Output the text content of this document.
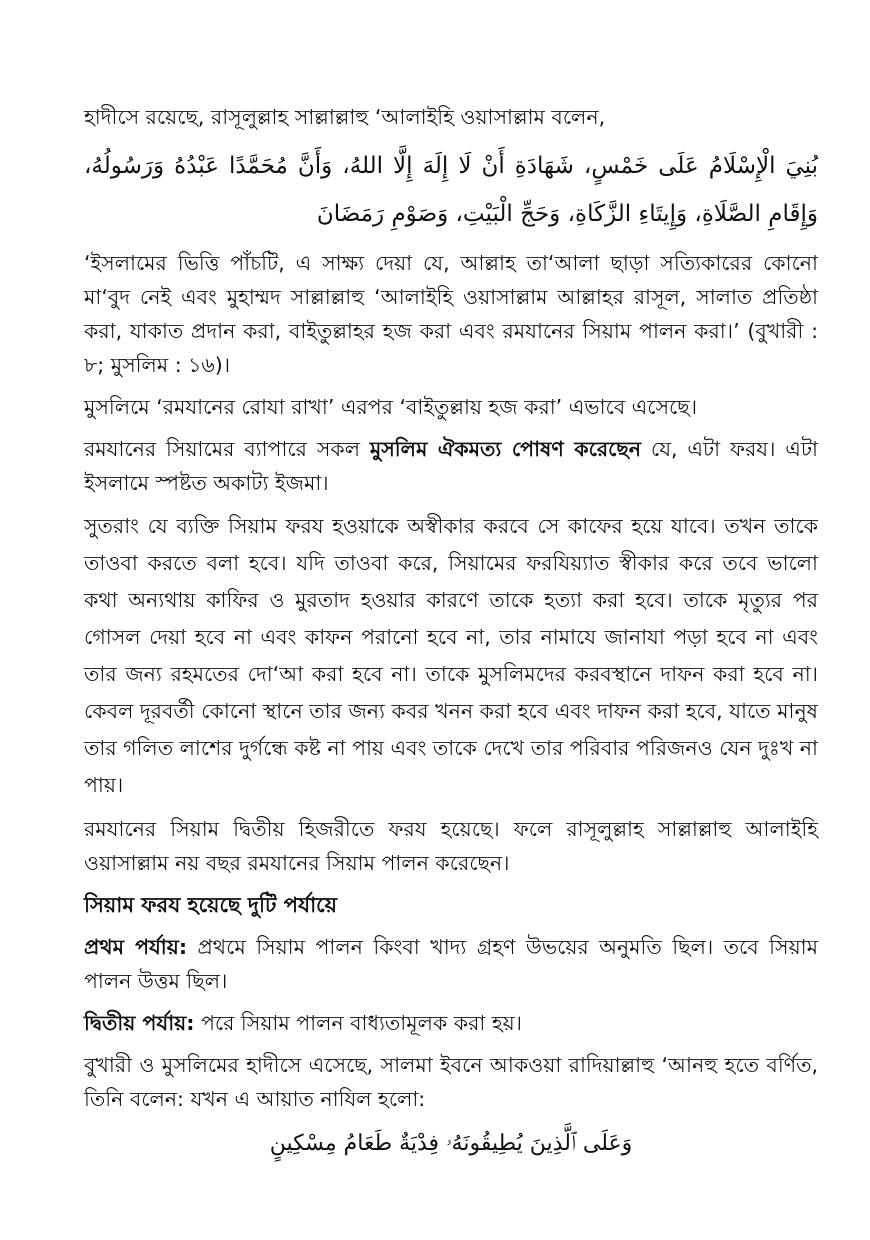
হাদীসে রয়েছে, রাসূলুল্লাহ সাল্লাল্লাহু ‘আলাইহি ওয়াসাল্লাম বলেন,

بُنِيَ الْإِسْلَامُ عَلَى خَمْسٍ، شَهَادَةِ أَنْ لَا إِلَهَ إِلَّا اللهُ، وَأَنَّ مُحَمَّدًا عَبْدُهُ وَرَسُولُهُ، وَإِقَامِ الصَّلَاةِ، وَإِيتَاءِ الزَّكَاةِ، وَحَجِّ الْبَيْتِ، وَصَوْمِ رَمَضَانَ

‘ইসলামের ভিত্তি পাঁচটি, এ সাক্ষ্য দেয়া যে, আল্লাহ তা‘আলা ছাড়া সত্যিকারের কোনো মা‘বুদ নেই এবং মুহাম্মদ সাল্লাল্লাহু ‘আলাইহি ওয়াসাল্লাম আল্লাহর রাসূল, সালাত প্রতিষ্ঠা করা, যাকাত প্রদান করা, বাইতুল্লাহর হজ করা এবং রমযানের সিয়াম পালন করা।’ (বুখারী : ৮; মুসলিম : ১৬)।

মুসলিমে ‘রমযানের রোযা রাখা’ এরপর ‘বাইতুল্লায় হজ করা’ এভাবে এসেছে।

রমযানের সিয়ামের ব্যাপারে সকল মুসলিম ঐকমত্য পোষণ করেছেন যে, এটা ফরয। এটা ইসলামে স্পষ্টত অকাট্য ইজমা।

সুতরাং যে ব্যক্তি সিয়াম ফরয হওয়াকে অস্বীকার করবে সে কাফের হয়ে যাবে। তখন তাকে তাওবা করতে বলা হবে। যদি তাওবা করে, সিয়ামের ফরযিয়্যাত স্বীকার করে তবে ভালো কথা অন্যথায় কাফির ও মুরতাদ হওয়ার কারণে তাকে হত্যা করা হবে। তাকে মৃত্যুর পর গোসল দেয়া হবে না এবং কাফন পরানো হবে না, তার নামাযে জানাযা পড়া হবে না এবং তার জন্য রহমতের দো‘আ করা হবে না। তাকে মুসলিমদের করবস্থানে দাফন করা হবে না। কেবল দূরবর্তী কোনো স্থানে তার জন্য কবর খনন করা হবে এবং দাফন করা হবে, যাতে মানুষ তার গলিত লাশের দুর্গন্ধে কষ্ট না পায় এবং তাকে দেখে তার পরিবার পরিজনও যেন দুঃখ না পায়।

রমযানের সিয়াম দ্বিতীয় হিজরীতে ফরয হয়েছে। ফলে রাসূলুল্লাহ সাল্লাল্লাহু আলাইহি ওয়াসাল্লাম নয় বছর রমযানের সিয়াম পালন করেছেন।

সিয়াম ফরয হয়েছে দুটি পর্যায়ে

প্রথম পর্যায়: প্রথমে সিয়াম পালন কিংবা খাদ্য গ্রহণ উভয়ের অনুমতি ছিল। তবে সিয়াম পালন উত্তম ছিল।

দ্বিতীয় পর্যায়: পরে সিয়াম পালন বাধ্যতামূলক করা হয়।

বুখারী ও মুসলিমের হাদীসে এসেছে, সালমা ইবনে আকওয়া রাদিয়াল্লাহু ‘আনহু হতে বর্ণিত, তিনি বলেন: যখন এ আয়াত নাযিল হলো:

وَعَلَى ٱلَّذِينَ يُطِيقُونَهُۥ فِدْيَةٌ طَعَامُ مِسْكِينٍ
